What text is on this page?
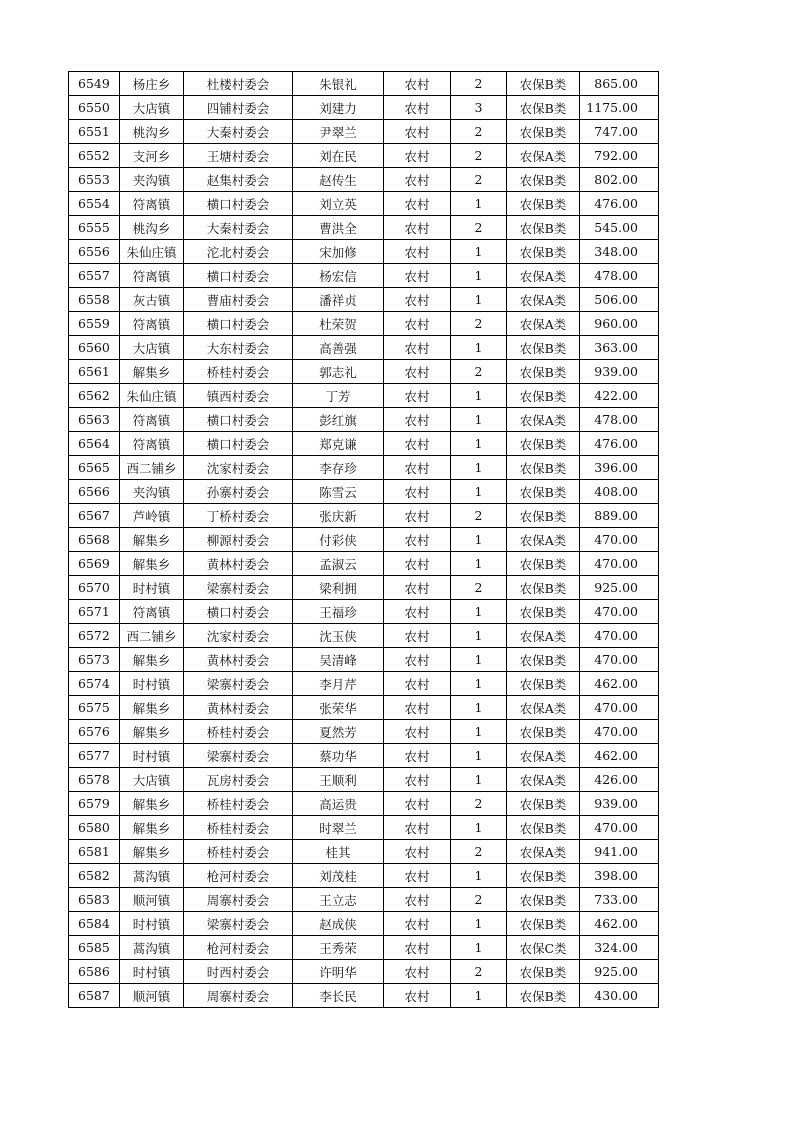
6549	杨庄乡	杜楼村委会	朱银礼	农村	2	农保B类	865.00
6550	大店镇	四铺村委会	刘建力	农村	3	农保B类	1175.00
6551	桃沟乡	大秦村委会	尹翠兰	农村	2	农保B类	747.00
6552	支河乡	王塘村委会	刘在民	农村	2	农保A类	792.00
6553	夹沟镇	赵集村委会	赵传生	农村	2	农保B类	802.00
6554	符离镇	横口村委会	刘立英	农村	1	农保B类	476.00
6555	桃沟乡	大秦村委会	曹洪全	农村	2	农保B类	545.00
6556	朱仙庄镇	沱北村委会	宋加修	农村	1	农保B类	348.00
6557	符离镇	横口村委会	杨宏信	农村	1	农保A类	478.00
6558	灰古镇	曹庙村委会	潘祥贞	农村	1	农保A类	506.00
6559	符离镇	横口村委会	杜荣贺	农村	2	农保A类	960.00
6560	大店镇	大东村委会	高善强	农村	1	农保B类	363.00
6561	解集乡	桥桂村委会	郭志礼	农村	2	农保B类	939.00
6562	朱仙庄镇	镇西村委会	丁芳	农村	1	农保B类	422.00
6563	符离镇	横口村委会	彭红旗	农村	1	农保A类	478.00
6564	符离镇	横口村委会	郑克谦	农村	1	农保B类	476.00
6565	西二铺乡	沈家村委会	李存珍	农村	1	农保B类	396.00
6566	夹沟镇	孙寨村委会	陈雪云	农村	1	农保B类	408.00
6567	芦岭镇	丁桥村委会	张庆新	农村	2	农保B类	889.00
6568	解集乡	柳源村委会	付彩侠	农村	1	农保A类	470.00
6569	解集乡	黄林村委会	孟淑云	农村	1	农保B类	470.00
6570	时村镇	梁寨村委会	梁利拥	农村	2	农保B类	925.00
6571	符离镇	横口村委会	王福珍	农村	1	农保B类	470.00
6572	西二铺乡	沈家村委会	沈玉侠	农村	1	农保A类	470.00
6573	解集乡	黄林村委会	吴清峰	农村	1	农保B类	470.00
6574	时村镇	梁寨村委会	李月芹	农村	1	农保B类	462.00
6575	解集乡	黄林村委会	张荣华	农村	1	农保A类	470.00
6576	解集乡	桥桂村委会	夏然芳	农村	1	农保B类	470.00
6577	时村镇	梁寨村委会	蔡功华	农村	1	农保A类	462.00
6578	大店镇	瓦房村委会	王顺利	农村	1	农保A类	426.00
6579	解集乡	桥桂村委会	高运贵	农村	2	农保B类	939.00
6580	解集乡	桥桂村委会	时翠兰	农村	1	农保B类	470.00
6581	解集乡	桥桂村委会	桂其	农村	2	农保A类	941.00
6582	蒿沟镇	枪河村委会	刘茂桂	农村	1	农保B类	398.00
6583	顺河镇	周寨村委会	王立志	农村	2	农保B类	733.00
6584	时村镇	梁寨村委会	赵成侠	农村	1	农保B类	462.00
6585	蒿沟镇	枪河村委会	王秀荣	农村	1	农保C类	324.00
6586	时村镇	时西村委会	许明华	农村	2	农保B类	925.00
6587	顺河镇	周寨村委会	李长民	农村	1	农保B类	430.00
